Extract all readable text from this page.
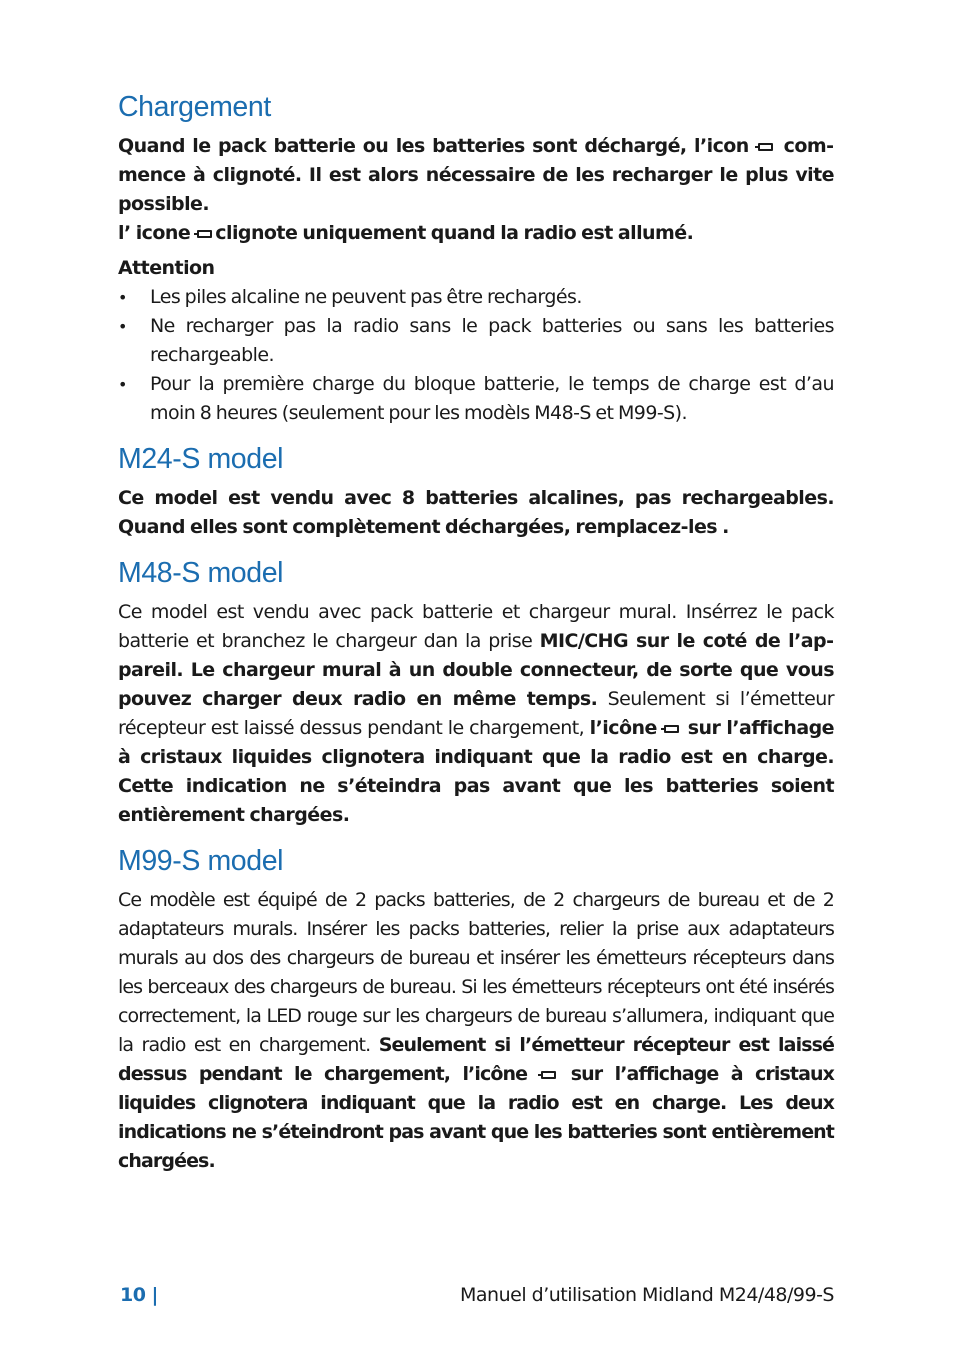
Chargement

Quand le pack batterie ou les batteries sont déchargé, l’icon commence à clignoté. Il est alors nécessaire de les recharger le plus vite possible.

l’ icone clignote uniquement quand la radio est allumé.

Attention

• Les piles alcaline ne peuvent pas être rechargés.
• Ne recharger pas la radio sans le pack batteries ou sans les batteries rechargeable.
• Pour la première charge du bloque batterie, le temps de charge est d’au moin 8 heures (seulement pour les modèls M48-S et M99-S).
M24-S model

Ce model est vendu avec 8 batteries alcalines, pas rechargeables. Quand elles sont complètement déchargées, remplacez-les .

M48-S model

Ce model est vendu avec pack batterie et chargeur mural. Insérrez le pack batterie et branchez le chargeur dan la prise MIC/CHG sur le coté de l’appareil. Le chargeur mural à un double connecteur, de sorte que vous pouvez charger deux radio en même temps. Seulement si l’émetteur récepteur est laissé dessus pendant le chargement, l’icône sur l’affichage à cristaux liquides clignotera indiquant que la radio est en charge. Cette indication ne s’éteindra pas avant que les batteries soient entièrement chargées.

M99-S model

Ce modèle est équipé de 2 packs batteries, de 2 chargeurs de bureau et de 2 adaptateurs murals. Insérer les packs batteries, relier la prise aux adaptateurs murals au dos des chargeurs de bureau et insérer les émetteurs récepteurs dans les berceaux des chargeurs de bureau. Si les émetteurs récepteurs ont été insérés correctement, la LED rouge sur les chargeurs de bureau s’allumera, indiquant que la radio est en chargement. Seulement si l’émetteur récepteur est laissé dessus pendant le chargement, l’icône sur l’affichage à cristaux liquides clignotera indiquant que la radio est en charge. Les deux indications ne s’éteindront pas avant que les batteries sont entièrement chargées.

10 |	Manuel d’utilisation Midland M24/48/99-S
